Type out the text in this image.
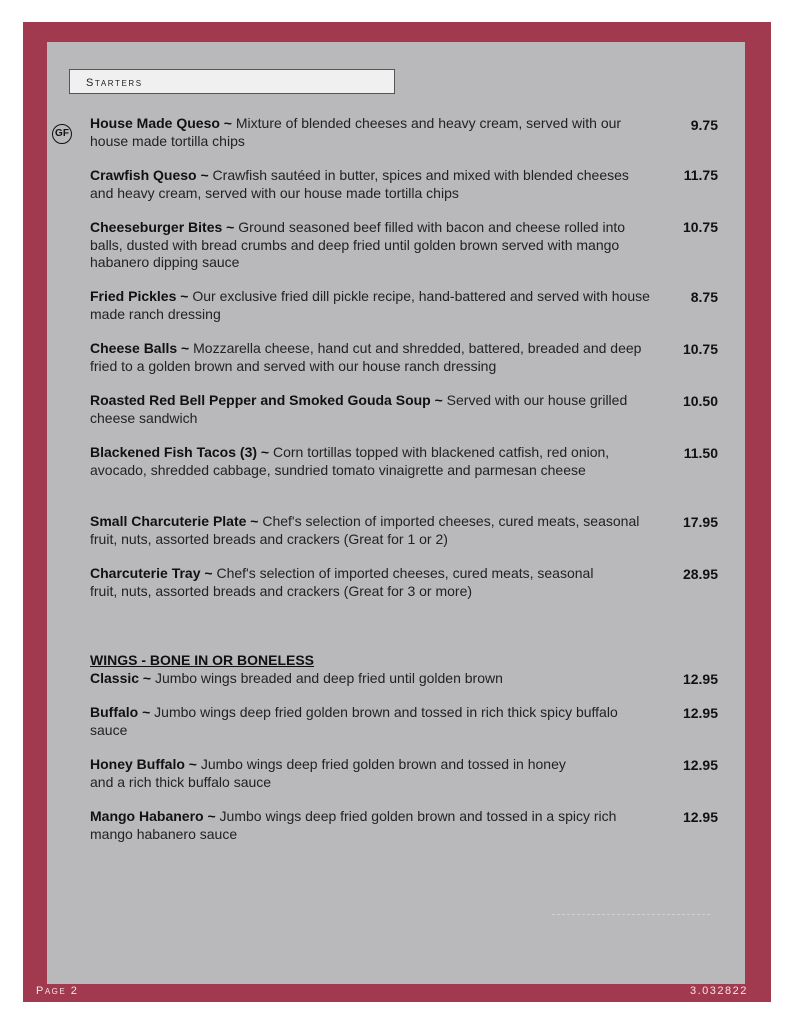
Starters
GF
House Made Queso ~ Mixture of blended cheeses and heavy cream, served with our house made tortilla chips
9.75
Crawfish Queso ~ Crawfish sautéed in butter, spices and mixed with blended cheeses and heavy cream, served with our house made tortilla chips
11.75
Cheeseburger Bites ~ Ground seasoned beef filled with bacon and cheese rolled into balls, dusted with bread crumbs and deep fried until golden brown served with mango habanero dipping sauce
10.75
Fried Pickles ~ Our exclusive fried dill pickle recipe, hand-battered and served with house made ranch dressing
8.75
Cheese Balls ~ Mozzarella cheese, hand cut and shredded, battered, breaded and deep fried to a golden brown and served with our house ranch dressing
10.75
Roasted Red Bell Pepper and Smoked Gouda Soup ~ Served with our house grilled cheese sandwich
10.50
Blackened Fish Tacos (3) ~ Corn tortillas topped with blackened catfish, red onion, avocado, shredded cabbage, sundried tomato vinaigrette and parmesan cheese
11.50
Small Charcuterie Plate ~ Chef's selection of imported cheeses, cured meats, seasonal fruit, nuts, assorted breads and crackers (Great for 1 or 2)
17.95
Charcuterie Tray ~ Chef's selection of imported cheeses, cured meats, seasonal fruit, nuts, assorted breads and crackers (Great for 3 or more)
28.95
WINGS - BONE IN OR BONELESS
Classic ~ Jumbo wings breaded and deep fried until golden brown	12.95
Buffalo ~ Jumbo wings deep fried golden brown and tossed in rich thick spicy buffalo sauce
12.95
Honey Buffalo ~ Jumbo wings deep fried golden brown and tossed in honey and a rich thick buffalo sauce
12.95
Mango Habanero ~ Jumbo wings deep fried golden brown and tossed in a spicy rich mango habanero sauce
12.95
Page 2	3.032822
